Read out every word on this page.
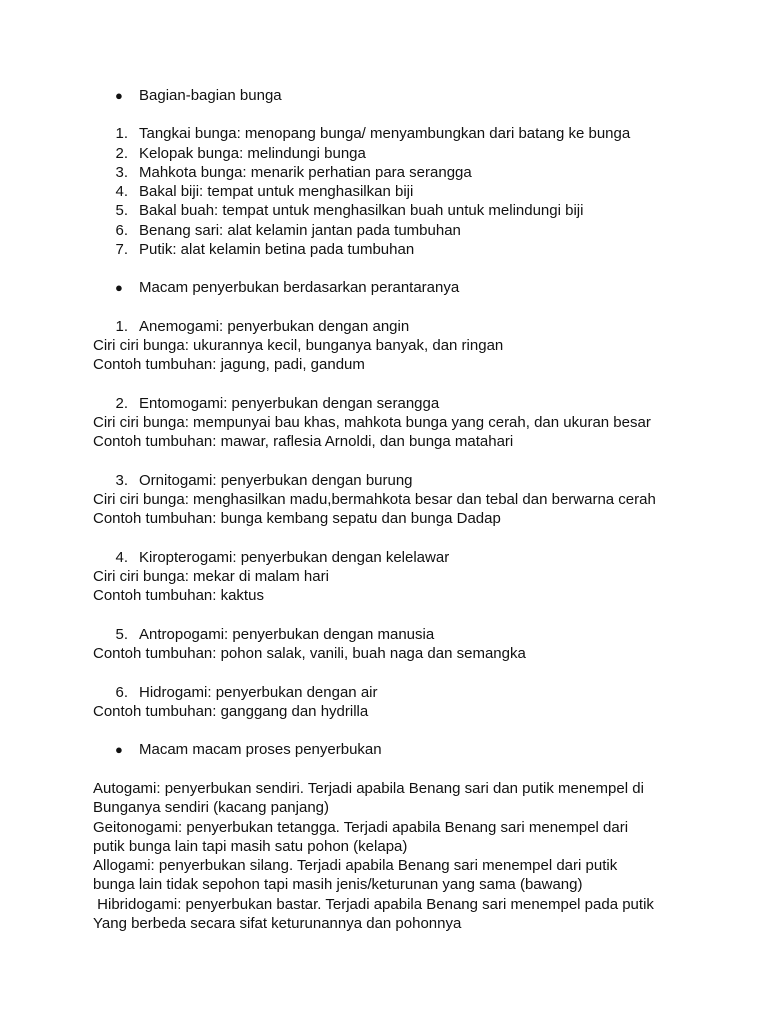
● Bagian-bagian bunga
1. Tangkai bunga: menopang bunga/ menyambungkan dari batang ke bunga
2. Kelopak bunga: melindungi bunga
3. Mahkota bunga: menarik perhatian para serangga
4. Bakal biji: tempat untuk menghasilkan biji
5. Bakal buah: tempat untuk menghasilkan buah untuk melindungi biji
6. Benang sari: alat kelamin jantan pada tumbuhan
7. Putik: alat kelamin betina pada tumbuhan
● Macam penyerbukan berdasarkan perantaranya
1. Anemogami: penyerbukan dengan angin
Ciri ciri bunga: ukurannya kecil, bunganya banyak, dan ringan
Contoh tumbuhan: jagung, padi, gandum
2. Entomogami: penyerbukan dengan serangga
Ciri ciri bunga: mempunyai bau khas, mahkota bunga yang cerah, dan ukuran besar
Contoh tumbuhan: mawar, raflesia Arnoldi, dan bunga matahari
3. Ornitogami: penyerbukan dengan burung
Ciri ciri bunga: menghasilkan madu,bermahkota besar dan tebal dan berwarna cerah
Contoh tumbuhan: bunga kembang sepatu dan bunga Dadap
4. Kiropterogami: penyerbukan dengan kelelawar
Ciri ciri bunga: mekar di malam hari
Contoh tumbuhan: kaktus
5. Antropogami: penyerbukan dengan manusia
Contoh tumbuhan: pohon salak, vanili, buah naga dan semangka
6. Hidrogami: penyerbukan dengan air
Contoh tumbuhan: ganggang dan hydrilla
● Macam macam proses penyerbukan
Autogami: penyerbukan sendiri. Terjadi apabila Benang sari dan putik menempel di
Bunganya sendiri (kacang panjang)
Geitonogami: penyerbukan tetangga. Terjadi apabila Benang sari menempel dari
putik bunga lain tapi masih satu pohon (kelapa)
Allogami: penyerbukan silang. Terjadi apabila Benang sari menempel dari putik
bunga lain tidak sepohon tapi masih jenis/keturunan yang sama (bawang)
Hibridogami: penyerbukan bastar. Terjadi apabila Benang sari menempel pada putik
Yang berbeda secara sifat keturunannya dan pohonnya
